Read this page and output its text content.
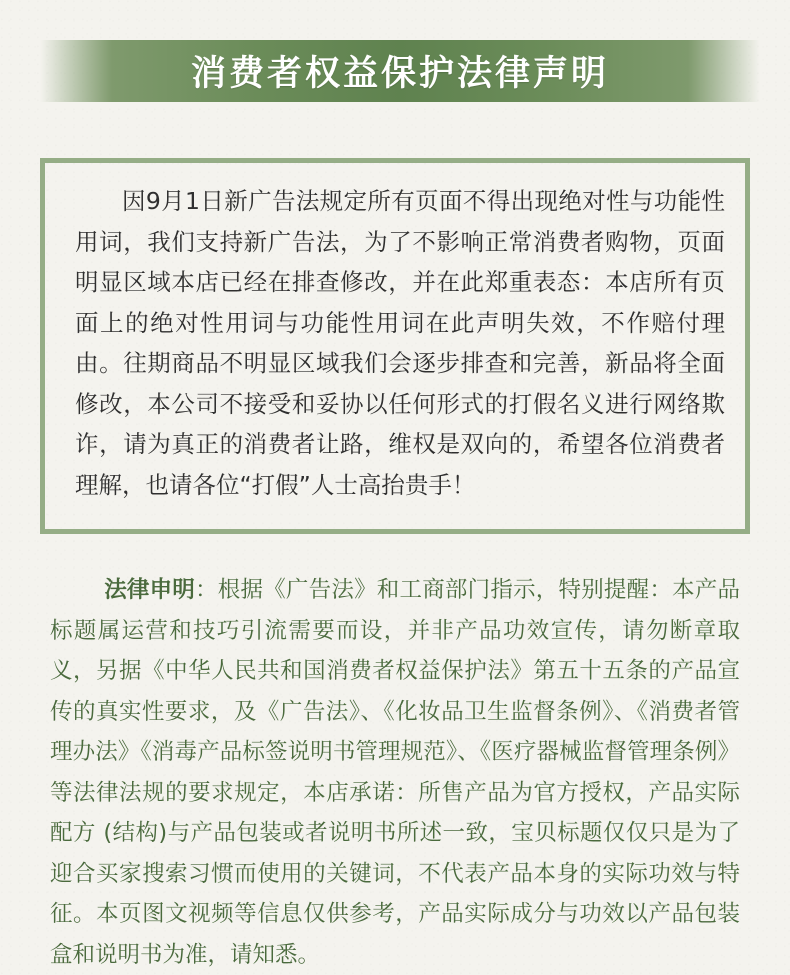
消费者权益保护法律声明
因9月1日新广告法规定所有页面不得出现绝对性与功能性用词，我们支持新广告法，为了不影响正常消费者购物，页面明显区域本店已经在排查修改，并在此郑重表态：本店所有页面上的绝对性用词与功能性用词在此声明失效，不作赔付理由。往期商品不明显区域我们会逐步排查和完善，新品将全面修改，本公司不接受和妥协以任何形式的打假名义进行网络欺诈，请为真正的消费者让路，维权是双向的，希望各位消费者理解，也请各位“打假”人士高抬贵手！
法律申明：根据《广告法》和工商部门指示，特别提醒：本产品标题属运营和技巧引流需要而设，并非产品功效宣传，请勿断章取义，另据《中华人民共和国消费者权益保护法》第五十五条的产品宣传的真实性要求，及《广告法》、《化妆品卫生监督条例》、《消费者管理办法》《消毒产品标签说明书管理规范》、《医疗器械监督管理条例》等法律法规的要求规定，本店承诺：所售产品为官方授权，产品实际配方 (结构)与产品包装或者说明书所述一致，宝贝标题仅仅只是为了迎合买家搜索习惯而使用的关键词，不代表产品本身的实际功效与特征。本页图文视频等信息仅供参考，产品实际成分与功效以产品包装盒和说明书为准，请知悉。
